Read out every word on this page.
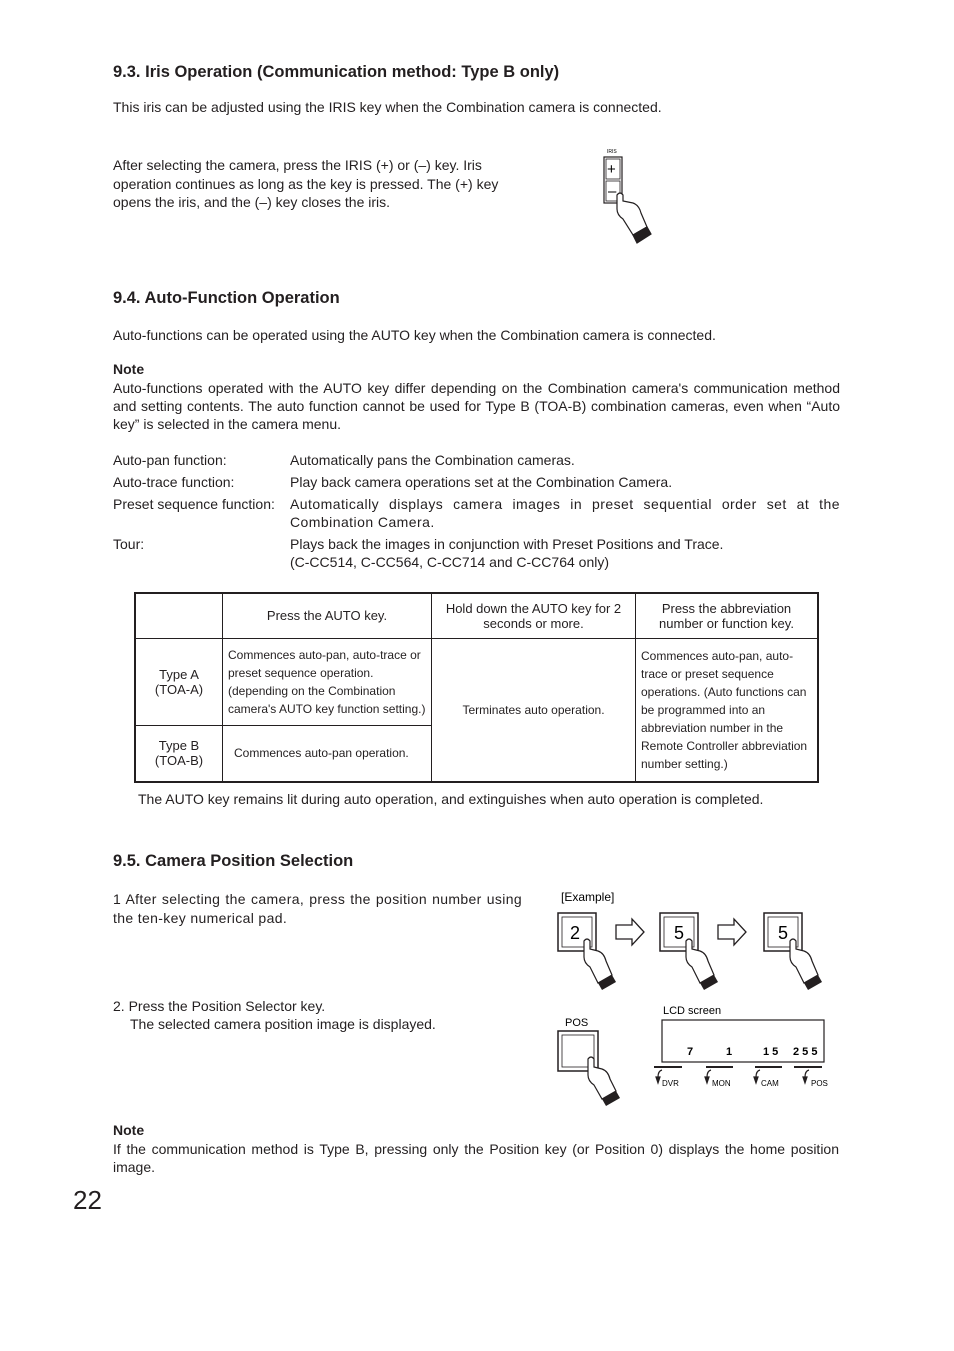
9.3. Iris Operation (Communication method: Type B only)

This iris can be adjusted using the IRIS key when the Combination camera is connected.

After selecting the camera, press the IRIS (+) or (–) key. Iris operation continues as long as the key is pressed. The (+) key opens the iris, and the (–) key closes the iris.

IRIS
+
–
9.4. Auto-Function Operation

Auto-functions can be operated using the AUTO key when the Combination camera is connected.

Note

Auto-functions operated with the AUTO key differ depending on the Combination camera's communication method and setting contents. The auto function cannot be used for Type B (TOA-B) combination cameras, even when “Auto key” is selected in the camera menu.

Auto-pan function:	Automatically pans the Combination cameras.
Auto-trace function:	Play back camera operations set at the Combination Camera.
Preset sequence function:	Automatically displays camera images in preset sequential order set at the Combination Camera.
Tour:	Plays back the images in conjunction with Preset Positions and Trace.
(C-CC514, C-CC564, C-CC714 and C-CC764 only)
	Press the AUTO key.	Hold down the AUTO key for 2 seconds or more.	Press the abbreviation number or function key.
Type A (TOA-A)	Commences auto-pan, auto-trace or preset sequence operation. (depending on the Combination camera's AUTO key function setting.)	Terminates auto operation.	Commences auto-pan, auto-trace or preset sequence operations. (Auto functions can be programmed into an abbreviation number in the Remote Controller abbreviation number setting.)
Type B (TOA-B)	Commences auto-pan operation.		

The AUTO key remains lit during auto operation, and extinguishes when auto operation is completed.

9.5. Camera Position Selection

1 After selecting the camera, press the position number using the ten-key numerical pad.

2. Press the Position Selector key.

The selected camera position image is displayed.

[Example]
2	5	5
POS
LCD screen
7	1	1 5 2 5 5
DVR	MON	CAM	POS

Note

If the communication method is Type B, pressing only the Position key (or Position 0) displays the home position image.

22
